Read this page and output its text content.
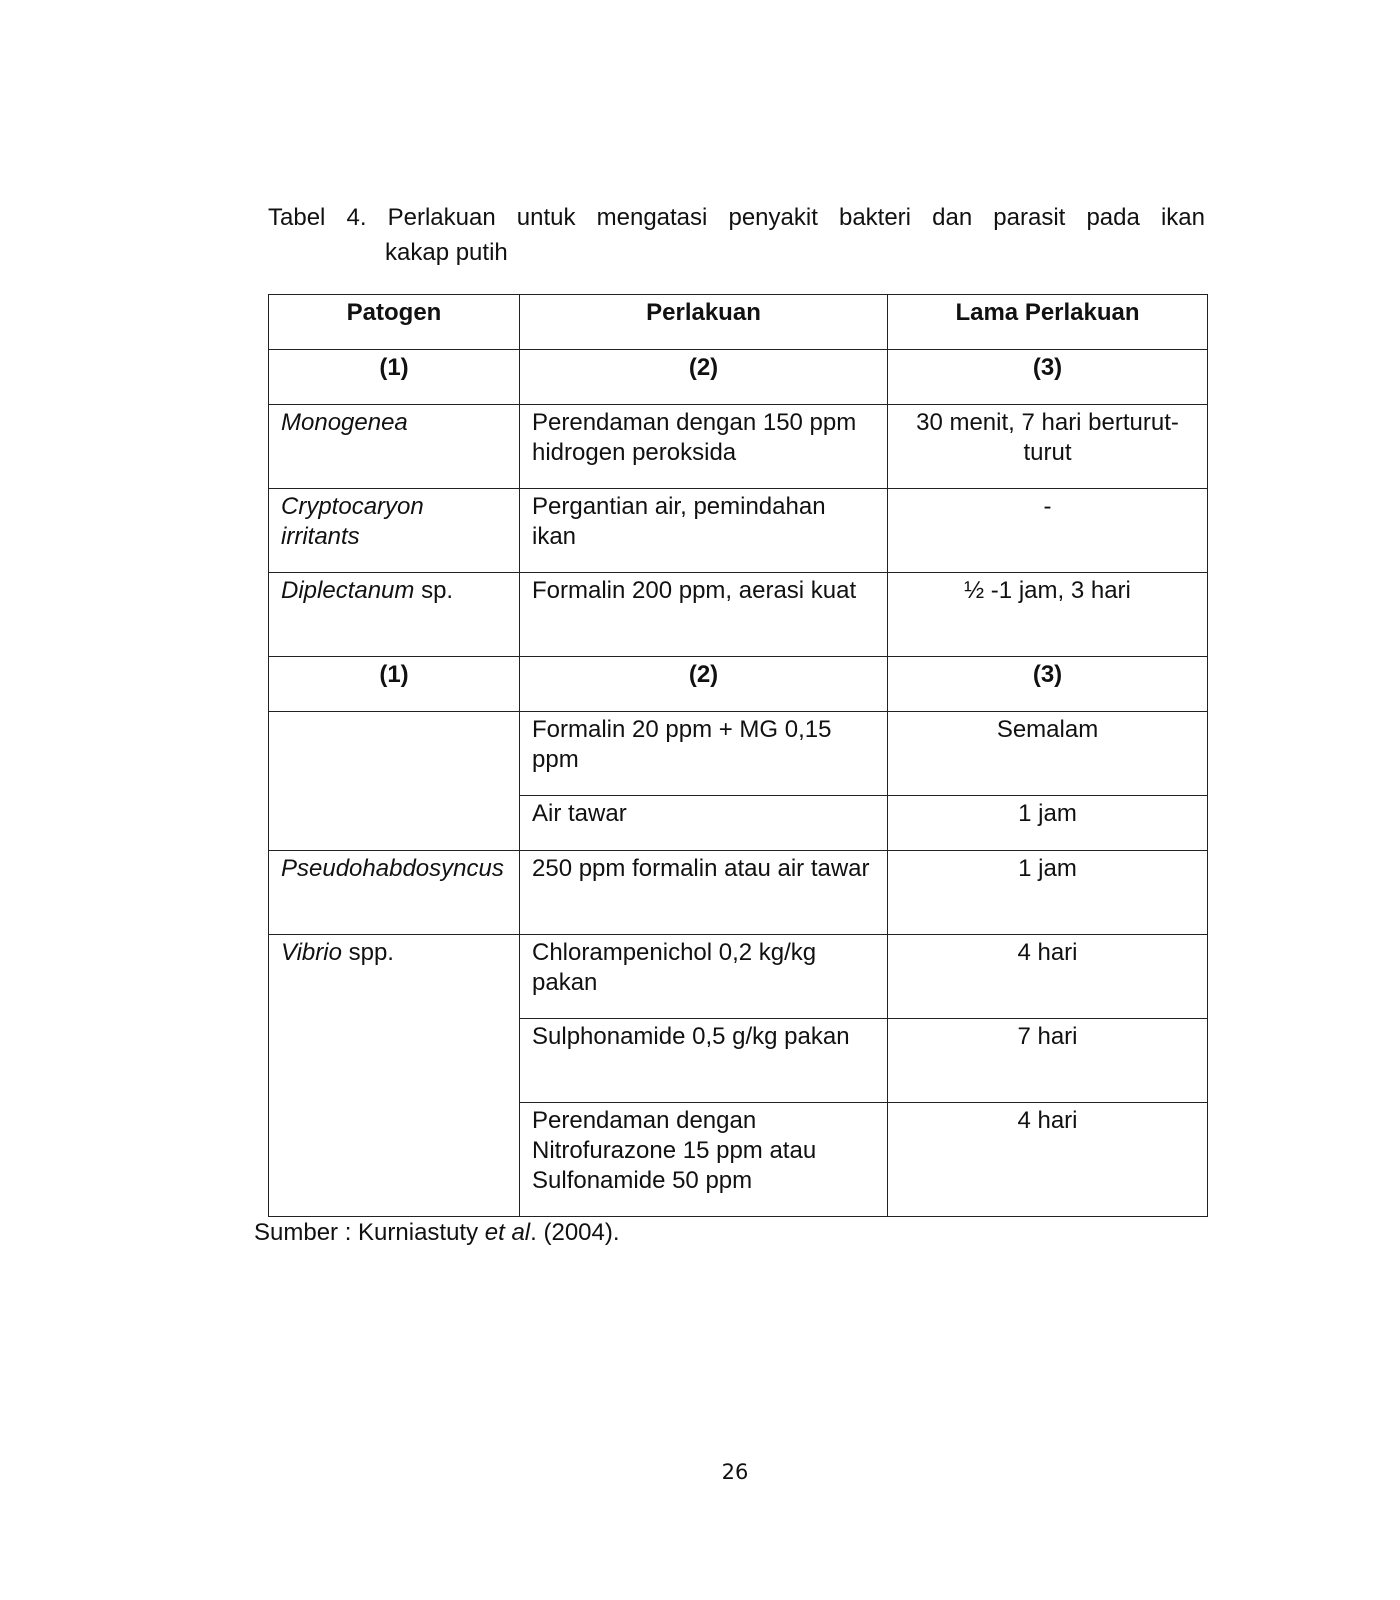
Tabel 4. Perlakuan untuk mengatasi penyakit bakteri dan parasit pada ikan
kakap putih
Patogen	Perlakuan	Lama Perlakuan
(1)	(2)	(3)
Monogenea	Perendaman dengan 150 ppm hidrogen peroksida	30 menit, 7 hari berturut-turut
Cryptocaryon irritants	Pergantian air, pemindahan ikan	-
Diplectanum sp.	Formalin 200 ppm, aerasi kuat	½ -1 jam, 3 hari
(1)	(2)	(3)
	Formalin 20 ppm + MG 0,15 ppm	Semalam
	Air tawar	1 jam
Pseudohabdosyncus	250 ppm formalin atau air tawar	1 jam
Vibrio spp.	Chlorampenichol 0,2 kg/kg pakan	4 hari
	Sulphonamide 0,5 g/kg pakan	7 hari
	Perendaman dengan Nitrofurazone 15 ppm atau Sulfonamide 50 ppm	4 hari
Sumber : Kurniastuty et al. (2004).
26
